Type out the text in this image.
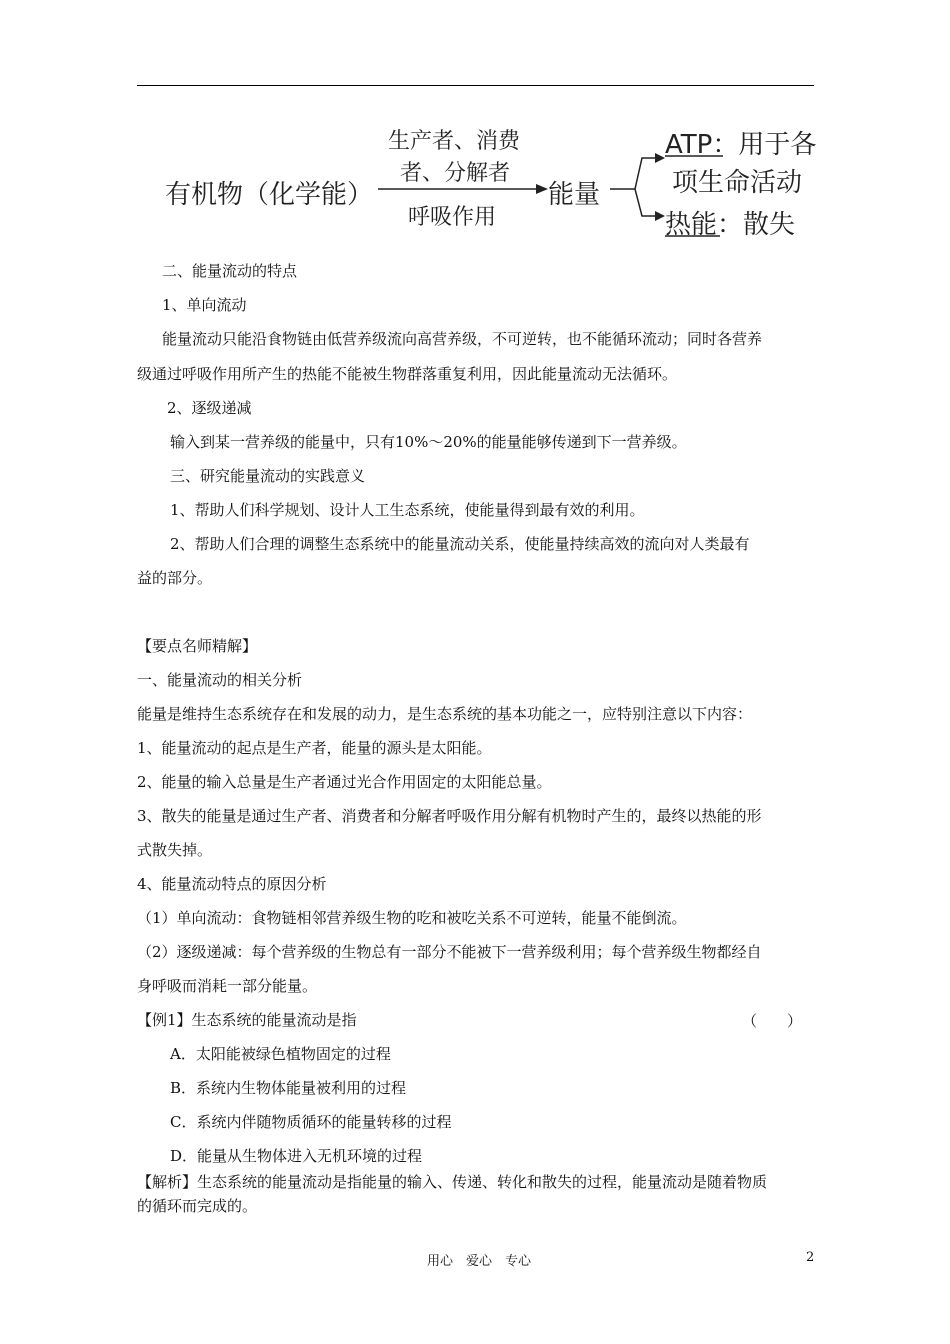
有机物（化学能）
生产者、消费
者、分解者
呼吸作用
能量
ATP：用于各
项生命活动
热能：散失
二、能量流动的特点
1、单向流动
能量流动只能沿食物链由低营养级流向高营养级，不可逆转，也不能循环流动；同时各营养
级通过呼吸作用所产生的热能不能被生物群落重复利用，因此能量流动无法循环。
2、逐级递减
输入到某一营养级的能量中，只有10%～20%的能量能够传递到下一营养级。
三、研究能量流动的实践意义
1、帮助人们科学规划、设计人工生态系统，使能量得到最有效的利用。
2、帮助人们合理的调整生态系统中的能量流动关系，使能量持续高效的流向对人类最有
益的部分。
【要点名师精解】
一、能量流动的相关分析
能量是维持生态系统存在和发展的动力，是生态系统的基本功能之一，应特别注意以下内容：
1、能量流动的起点是生产者，能量的源头是太阳能。
2、能量的输入总量是生产者通过光合作用固定的太阳能总量。
3、散失的能量是通过生产者、消费者和分解者呼吸作用分解有机物时产生的，最终以热能的形
式散失掉。
4、能量流动特点的原因分析
（1）单向流动：食物链相邻营养级生物的吃和被吃关系不可逆转，能量不能倒流。
（2）逐级递减：每个营养级的生物总有一部分不能被下一营养级利用；每个营养级生物都经自
身呼吸而消耗一部分能量。
【例1】生态系统的能量流动是指	（　　）
A．太阳能被绿色植物固定的过程
B．系统内生物体能量被利用的过程
C．系统内伴随物质循环的能量转移的过程
D．能量从生物体进入无机环境的过程
【解析】生态系统的能量流动是指能量的输入、传递、转化和散失的过程，能量流动是随着物质
的循环而完成的。
用心　爱心　专心	2
